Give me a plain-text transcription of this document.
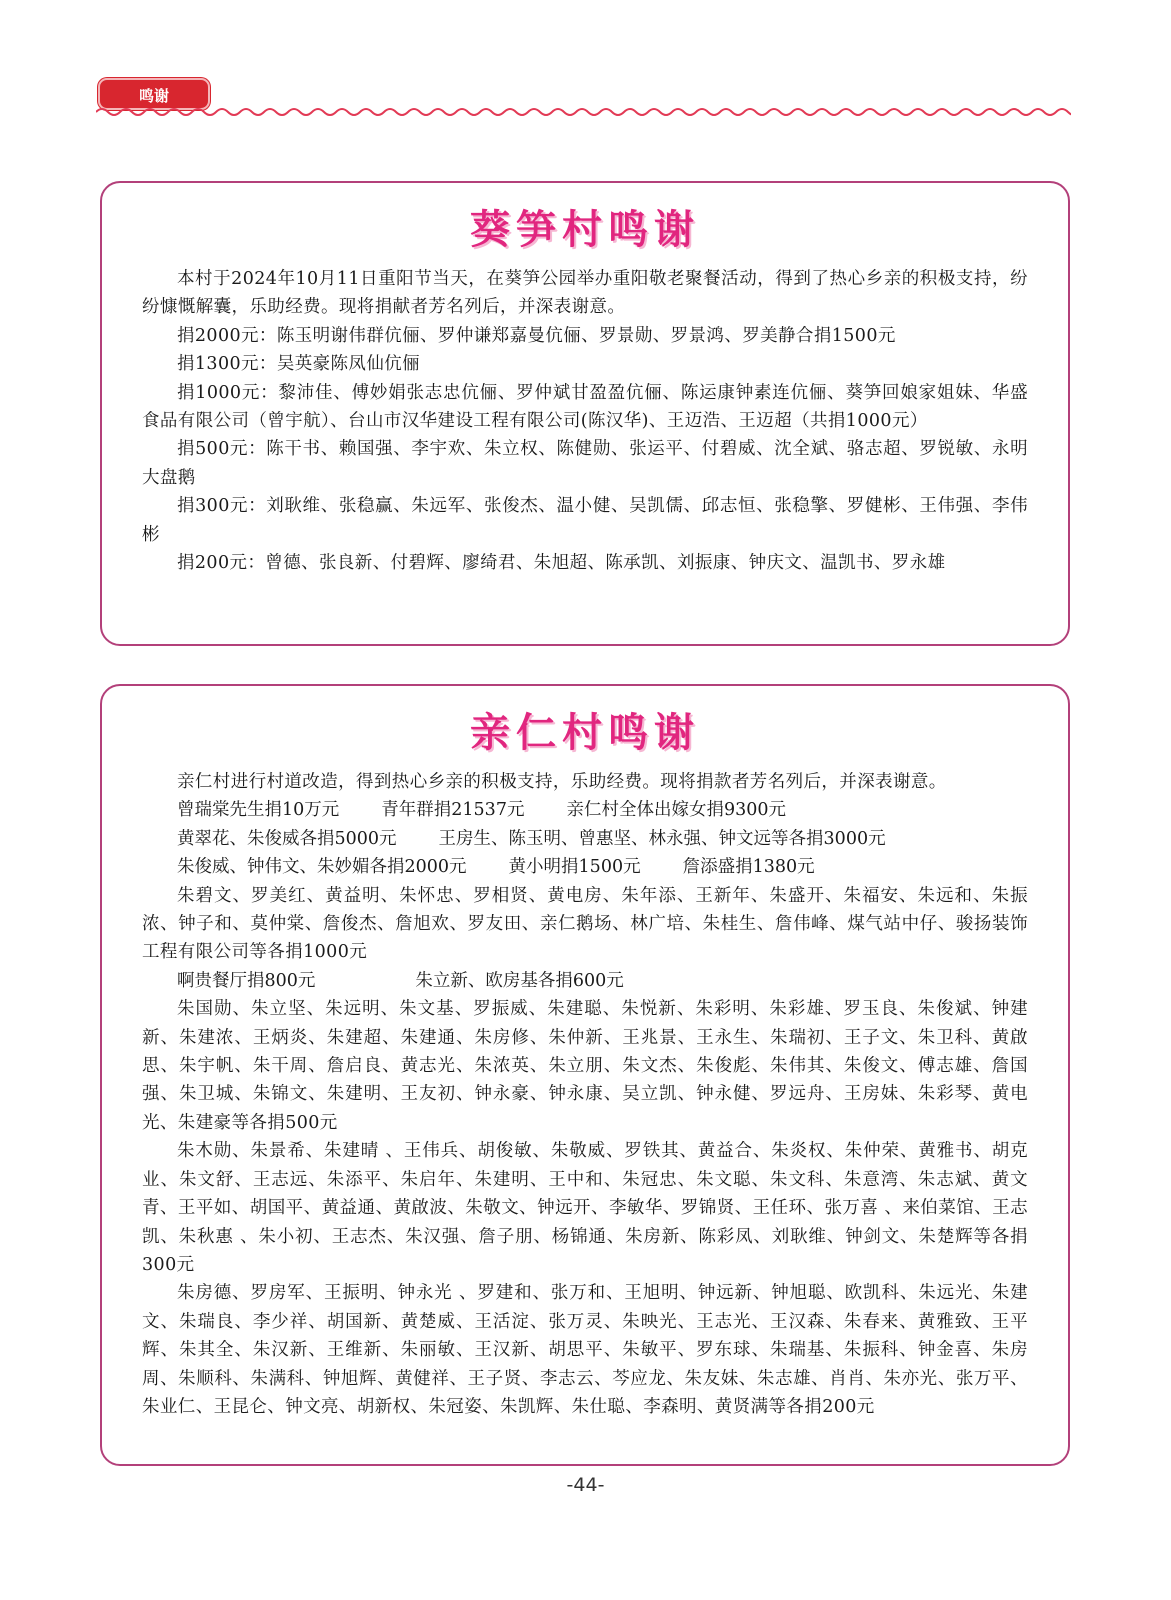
鸣谢
葵笋村鸣谢

本村于2024年10月11日重阳节当天，在葵笋公园举办重阳敬老聚餐活动，得到了热心乡亲的积极支持，纷纷慷慨解囊，乐助经费。现将捐献者芳名列后，并深表谢意。

捐2000元：陈玉明谢伟群伉俪、罗仲谦郑嘉曼伉俪、罗景勋、罗景鸿、罗美静合捐1500元

捐1300元：吴英豪陈凤仙伉俪

捐1000元：黎沛佳、傅妙娟张志忠伉俪、罗仲斌甘盈盈伉俪、陈运康钟素连伉俪、葵笋回娘家姐妹、华盛食品有限公司（曾宇航）、台山市汉华建设工程有限公司(陈汉华)、王迈浩、王迈超（共捐1000元）

捐500元：陈干书、赖国强、李宇欢、朱立权、陈健勋、张运平、付碧威、沈全斌、骆志超、罗锐敏、永明大盘鹅

捐300元：刘耿维、张稳赢、朱远军、张俊杰、温小健、吴凯儒、邱志恒、张稳擎、罗健彬、王伟强、李伟彬

捐200元：曾德、张良新、付碧辉、廖绮君、朱旭超、陈承凯、刘振康、钟庆文、温凯书、罗永雄

亲仁村鸣谢

亲仁村进行村道改造，得到热心乡亲的积极支持，乐助经费。现将捐款者芳名列后，并深表谢意。

曾瑞棠先生捐10万元 青年群捐21537元 亲仁村全体出嫁女捐9300元
黄翠花、朱俊威各捐5000元 王房生、陈玉明、曾惠坚、林永强、钟文远等各捐3000元
朱俊威、钟伟文、朱妙媚各捐2000元 黄小明捐1500元 詹添盛捐1380元

朱碧文、罗美红、黄益明、朱怀忠、罗相贤、黄电房、朱年添、王新年、朱盛开、朱福安、朱远和、朱振浓、钟子和、莫仲棠、詹俊杰、詹旭欢、罗友田、亲仁鹅场、林广培、朱桂生、詹伟峰、煤气站中仔、骏扬装饰工程有限公司等各捐1000元

啊贵餐厅捐800元	朱立新、欧房基各捐600元

朱国勋、朱立坚、朱远明、朱文基、罗振威、朱建聪、朱悦新、朱彩明、朱彩雄、罗玉良、朱俊斌、钟建新、朱建浓、王炳炎、朱建超、朱建通、朱房修、朱仲新、王兆景、王永生、朱瑞初、王子文、朱卫科、黄啟思、朱宇帆、朱干周、詹启良、黄志光、朱浓英、朱立朋、朱文杰、朱俊彪、朱伟其、朱俊文、傅志雄、詹国强、朱卫城、朱锦文、朱建明、王友初、钟永豪、钟永康、吴立凯、钟永健、罗远舟、王房妹、朱彩琴、黄电光、朱建豪等各捐500元

朱木勋、朱景希、朱建晴 、王伟兵、胡俊敏、朱敬威、罗铁其、黄益合、朱炎权、朱仲荣、黄雅书、胡克业、朱文舒、王志远、朱添平、朱启年、朱建明、王中和、朱冠忠、朱文聪、朱文科、朱意湾、朱志斌、黄文青、王平如、胡国平、黄益通、黄啟波、朱敬文、钟远开、李敏华、罗锦贤、王任环、张万喜 、来伯菜馆、王志凯、朱秋惠 、朱小初、王志杰、朱汉强、詹子朋、杨锦通、朱房新、陈彩凤、刘耿维、钟剑文、朱楚辉等各捐300元

朱房德、罗房军、王振明、钟永光 、罗建和、张万和、王旭明、钟远新、钟旭聪、欧凯科、朱远光、朱建文、朱瑞良、李少祥、胡国新、黄楚威、王活淀、张万灵、朱映光、王志光、王汉森、朱春来、黄雅致、王平辉、朱其全、朱汉新、王维新、朱丽敏、王汉新、胡思平、朱敏平、罗东球、朱瑞基、朱振科、钟金喜、朱房周、朱顺科、朱满科、钟旭辉、黄健祥、王子贤、李志云、芩应龙、朱友妹、朱志雄、肖肖、朱亦光、张万平、朱业仁、王昆仑、钟文亮、胡新权、朱冠姿、朱凯辉、朱仕聪、李森明、黄贤满等各捐200元

-44-
